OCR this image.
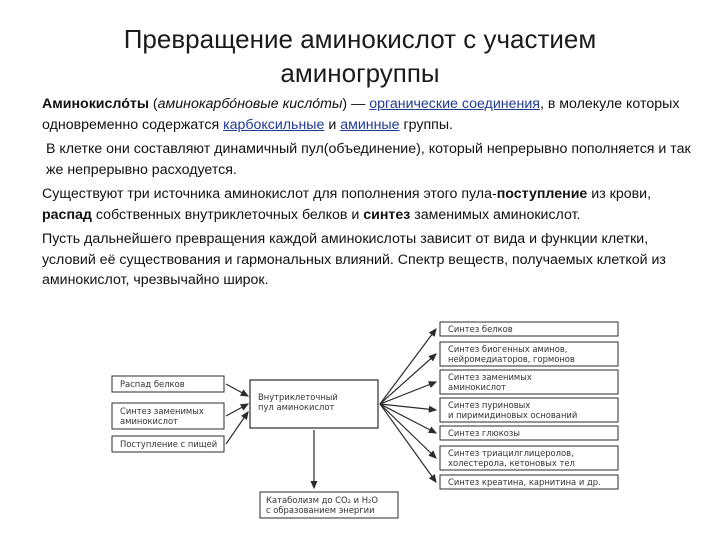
Превращение аминокислот с участием аминогруппы

Аминокисло́ты (аминокарбо́новые кисло́ты) — органические соединения, в молекуле которых одновременно содержатся карбоксильные и аминные группы.

В клетке они составляют динамичный пул(объединение), который непрерывно пополняется и так же непрерывно расходуется.

Существуют три источника аминокислот для пополнения этого пула-поступление из крови, распад собственных внутриклеточных белков и синтез заменимых аминокислот.

Пусть дальнейшего превращения каждой аминокислоты зависит от вида и функции клетки, условий её существования и гармональных влияний. Спектр веществ, получаемых клеткой из аминокислот, чрезвычайно широк.

Внутриклеточный пул аминокислот
Распад белков
Синтез заменимых аминокислот
Поступление с пищей
Синтез белков
Синтез биогенных аминов, нейромедиаторов, гормонов
Синтез заменимых аминокислот
Синтез пуриновых и пиримидиновых оснований
Синтез глюкозы
Синтез триацилглицеролов, холестерола, кетоновых тел
Синтез креатина, карнитина и др.
Катаболизм до CO₂ и H₂O с образованием энергии
